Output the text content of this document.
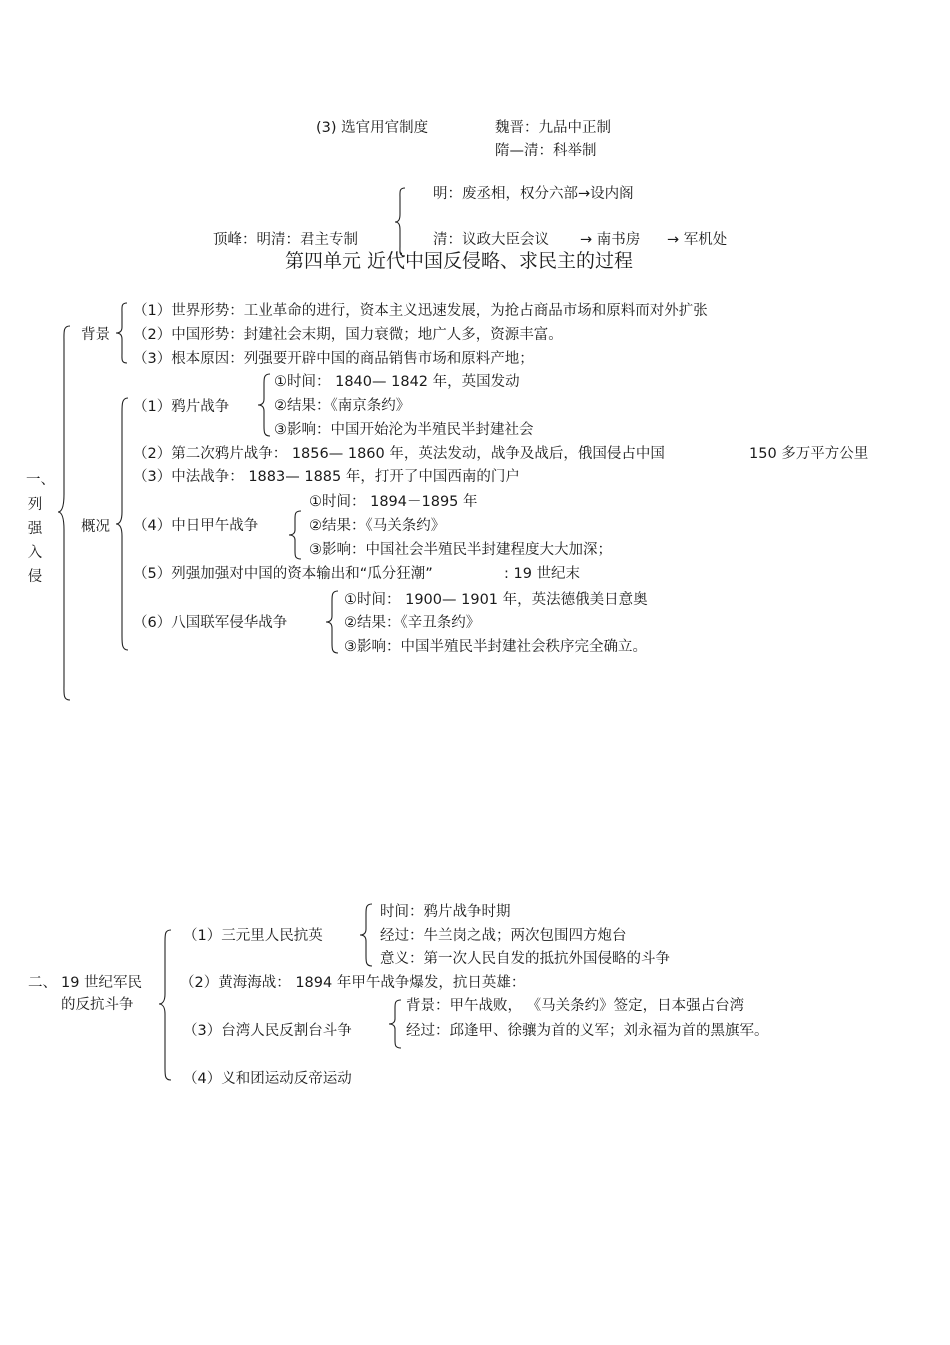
(3) 选官用官制度	魏晋：九品中正制
隋—清：科举制
明：废丞相，权分六部→设内阁
顶峰：明清：君主专制	清：议政大臣会议 → 南书房 → 军机处
第四单元 近代中国反侵略、求民主的过程
一、
列
强
入
侵
背景
（1）世界形势：工业革命的进行，资本主义迅速发展，为抢占商品市场和原料而对外扩张
（2）中国形势：封建社会末期，国力衰微；地广人多，资源丰富。
（3）根本原因：列强要开辟中国的商品销售市场和原料产地；
概况
（1）鸦片战争
①时间： 1840— 1842 年，英国发动
②结果：《南京条约》
③影响：中国开始沦为半殖民半封建社会
（2）第二次鸦片战争： 1856— 1860 年，英法发动，战争及战后，俄国侵占中国	150 多万平方公里
（3）中法战争： 1883— 1885 年，打开了中国西南的门户
（4）中日甲午战争
①时间： 1894－1895 年
②结果：《马关条约》
③影响：中国社会半殖民半封建程度大大加深；
（5）列强加强对中国的资本输出和“瓜分狂潮”	: 19 世纪末
（6）八国联军侵华战争
①时间： 1900— 1901 年，英法德俄美日意奥
②结果：《辛丑条约》
③影响：中国半殖民半封建社会秩序完全确立。
二、 19 世纪军民
的反抗斗争
（1）三元里人民抗英
时间：鸦片战争时期
经过：牛兰岗之战；两次包围四方炮台
意义：第一次人民自发的抵抗外国侵略的斗争
（2）黄海海战： 1894 年甲午战争爆发，抗日英雄：
（3）台湾人民反割台斗争
背景：甲午战败， 《马关条约》签定，日本强占台湾
经过：邱逢甲、徐骧为首的义军；刘永福为首的黑旗军。
（4）义和团运动反帝运动
